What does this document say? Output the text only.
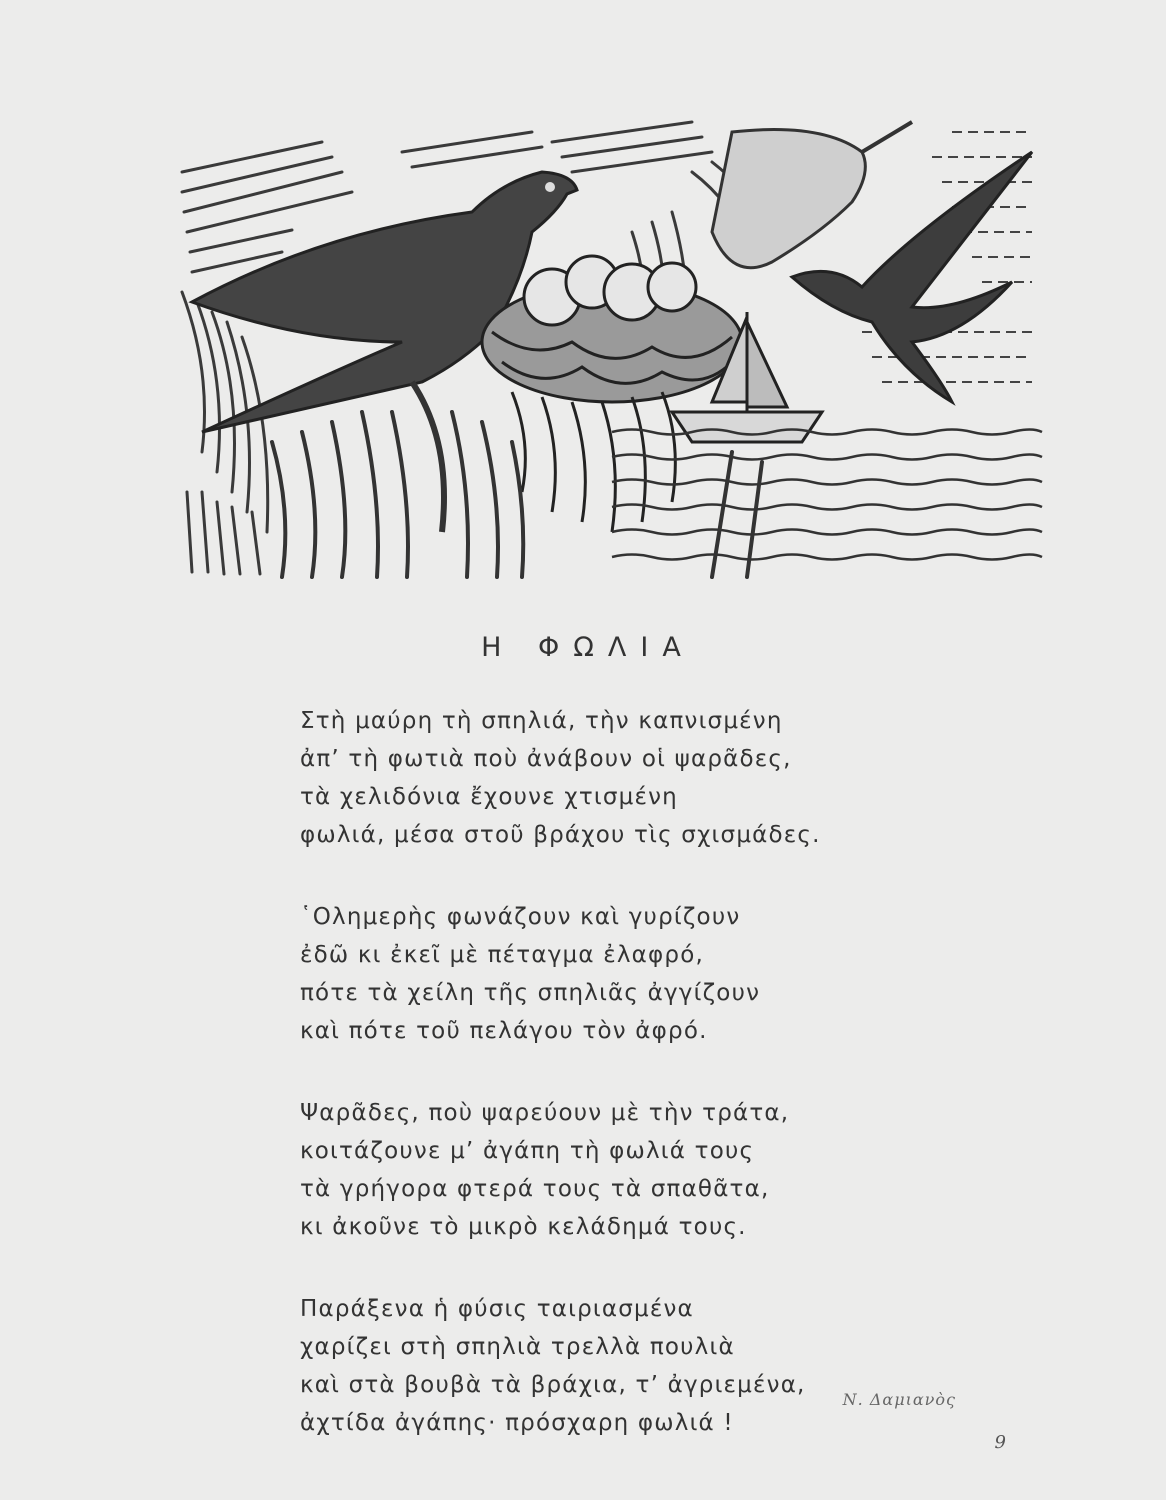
Η ΦΩΛΙΑ
Στὴ μαύρη τὴ σπηλιά, τὴν καπνισμένη
ἀπ’ τὴ φωτιὰ ποὺ ἀνάβουν οἱ ψαρᾶδες,
τὰ χελιδόνια ἔχουνε χτισμένη
φωλιά, μέσα στοῦ βράχου τὶς σχισμάδες.
῾Ολημερὴς φωνάζουν καὶ γυρίζουν
ἐδῶ κι ἐκεῖ μὲ πέταγμα ἐλαφρό,
πότε τὰ χείλη τῆς σπηλιᾶς ἀγγίζουν
καὶ πότε τοῦ πελάγου τὸν ἀφρό.
Ψαρᾶδες, ποὺ ψαρεύουν μὲ τὴν τράτα,
κοιτάζουνε μ’ ἀγάπη τὴ φωλιά τους
τὰ γρήγορα φτερά τους τὰ σπαθᾶτα,
κι ἀκοῦνε τὸ μικρὸ κελάδημά τους.
Παράξενα ἡ φύσις ταιριασμένα
χαρίζει στὴ σπηλιὰ τρελλὰ πουλιὰ
καὶ στὰ βουβὰ τὰ βράχια, τ’ ἀγριεμένα,
ἀχτίδα ἀγάπης· πρόσχαρη φωλιά !
Ν. Δαμιανὸς
9
